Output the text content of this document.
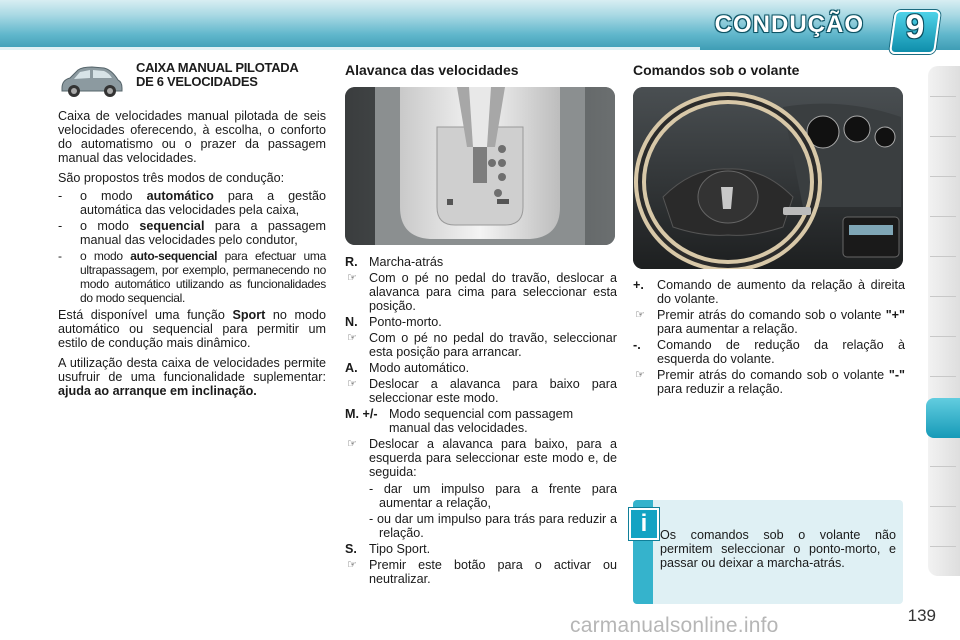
CONDUÇÃO 9
CAIXA MANUAL PILOTADA
DE 6 VELOCIDADES

Caixa de velocidades manual pilotada de seis velocidades oferecendo, à escolha, o conforto do automatismo ou o prazer da passagem manual das velocidades.

São propostos três modos de condução:

- o modo automático para a gestão automática das velocidades pela caixa,
- o modo sequencial para a passagem manual das velocidades pelo condutor,
- o modo auto-sequencial para efectuar uma ultrapassagem, por exemplo, permanecendo no modo automático utilizando as funcionalidades do modo sequencial.

Está disponível uma função Sport no modo automático ou sequencial para permitir um estilo de condução mais dinâmico.

A utilização desta caixa de velocidades permite usufruir de uma funcionalidade suplementar: ajuda ao arranque em inclinação.

Alavanca das velocidades
R. Marcha-atrás
☞ Com o pé no pedal do travão, deslocar a alavanca para cima para seleccionar esta posição.
N. Ponto-morto.
☞ Com o pé no pedal do travão, seleccionar esta posição para arrancar.
A. Modo automático.
☞ Deslocar a alavanca para baixo para seleccionar este modo.
M. +/- Modo sequencial com passagem manual das velocidades.
☞ Deslocar a alavanca para baixo, para a esquerda para seleccionar este modo e, de seguida:
- dar um impulso para a frente para aumentar a relação,
- ou dar um impulso para trás para reduzir a relação.
S. Tipo Sport.
☞ Premir este botão para o activar ou neutralizar.
Comandos sob o volante
+. Comando de aumento da relação à direita do volante.
☞ Premir atrás do comando sob o volante "+" para aumentar a relação.
-. Comando de redução da relação à esquerda do volante.
☞ Premir atrás do comando sob o volante "-" para reduzir a relação.
i	Os comandos sob o volante não permitem seleccionar o ponto-morto, e passar ou deixar a marcha-atrás.

139
carmanualsonline.info
